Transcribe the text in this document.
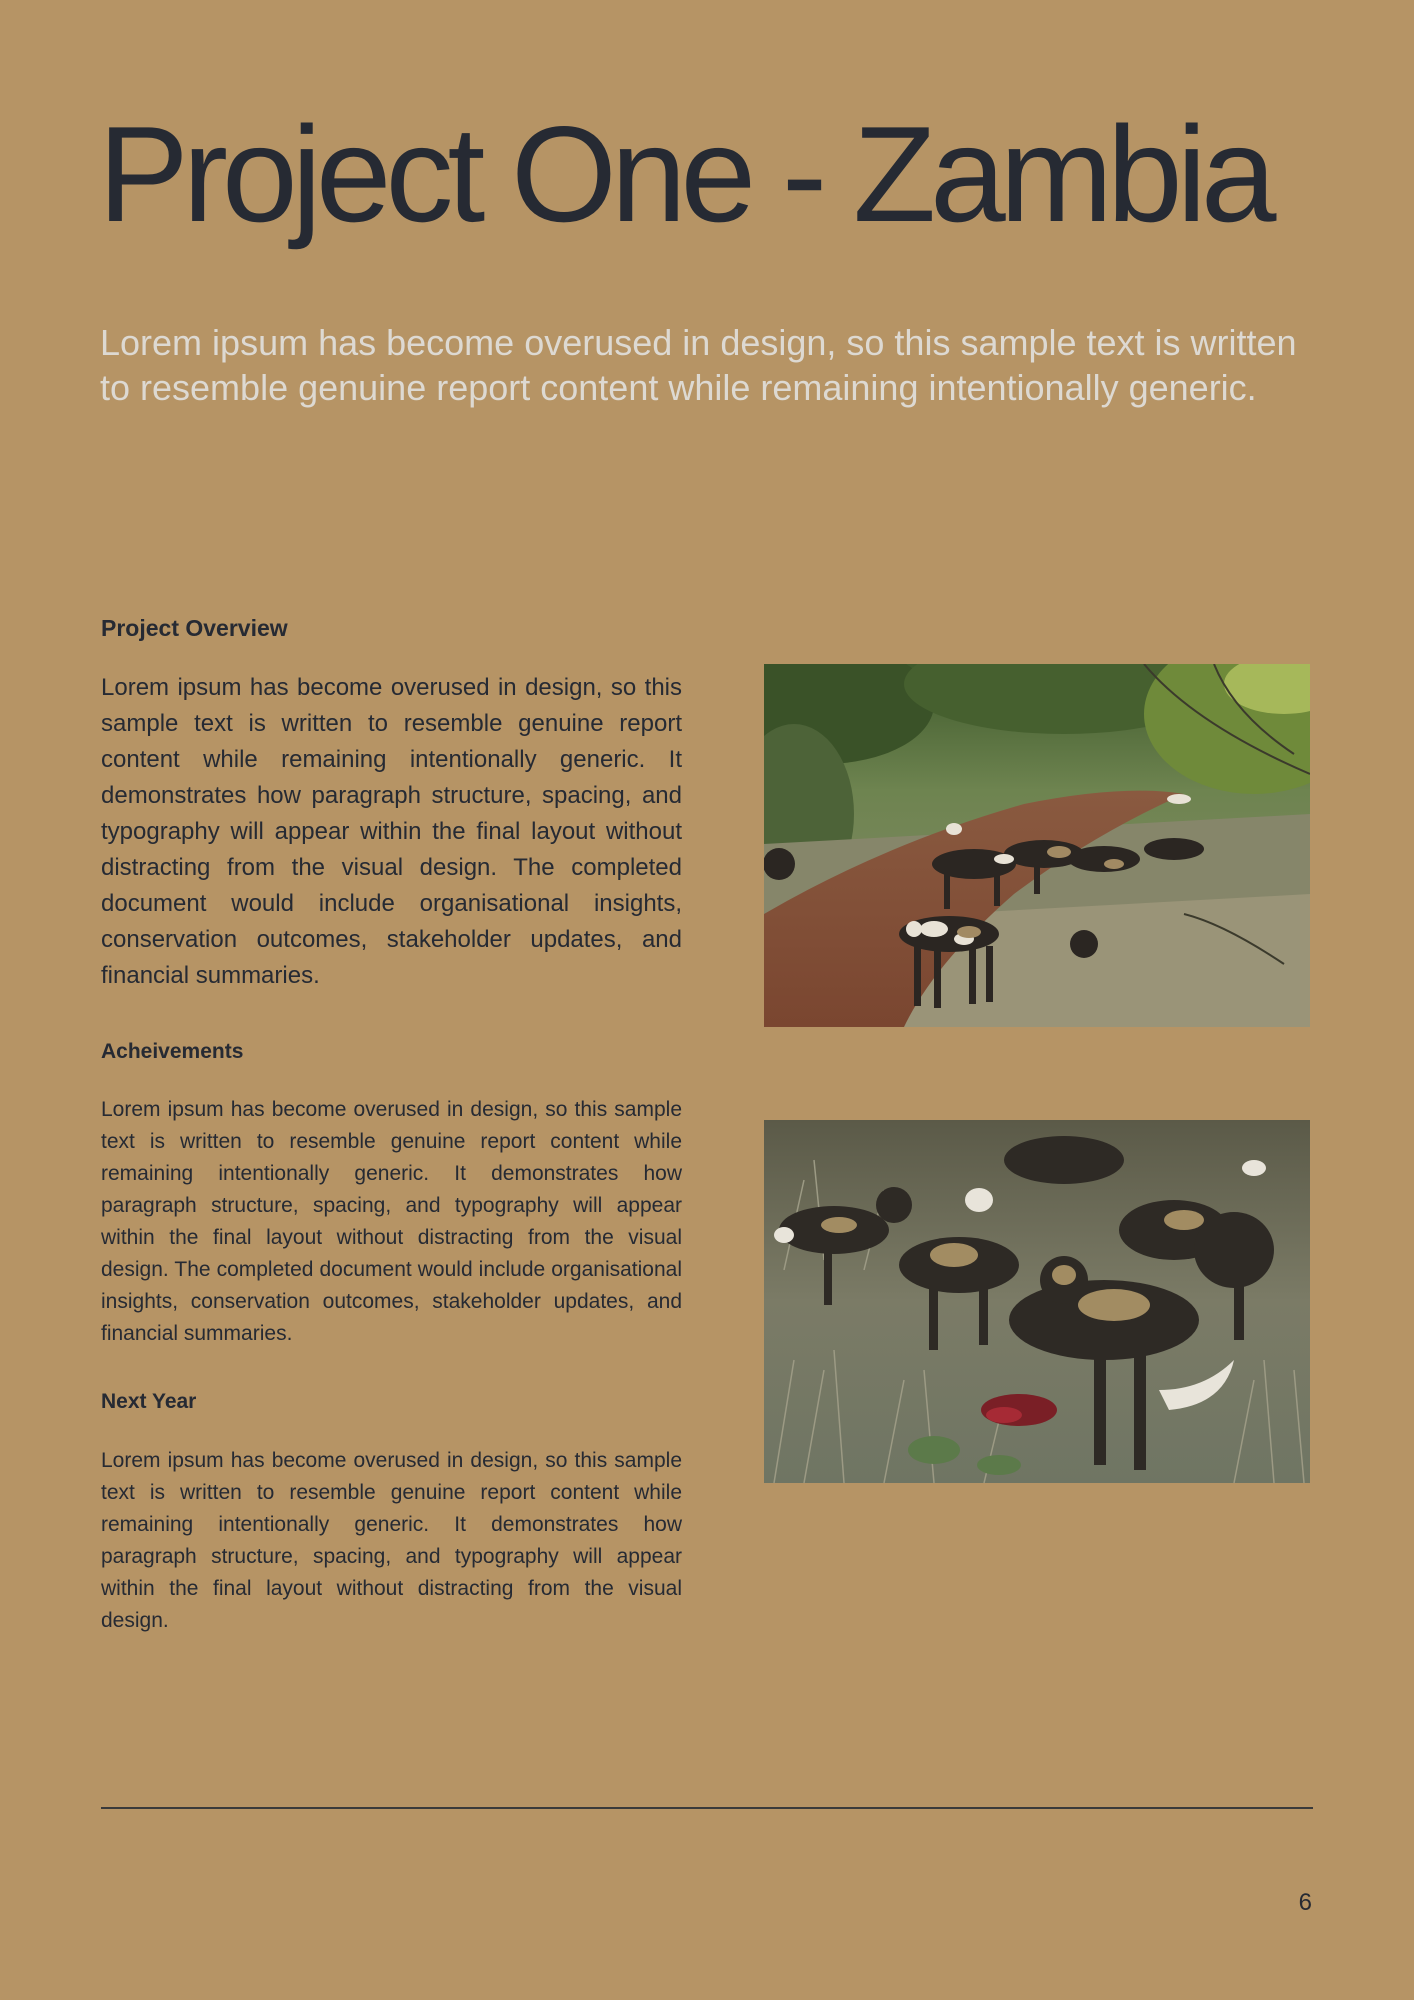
Project One - Zambia

Lorem ipsum has become overused in design, so this sample text is written to resemble genuine report content while remaining intentionally generic.

Project Overview

Lorem ipsum has become overused in design, so this sample text is written to resemble genuine report content while remaining intentionally generic. It demonstrates how paragraph structure, spacing, and typography will appear within the final layout without distracting from the visual design. The completed document would include organisational insights, conservation outcomes, stakeholder updates, and financial summaries.

Acheivements

Lorem ipsum has become overused in design, so this sample text is written to resemble genuine report content while remaining intentionally generic. It demonstrates how paragraph structure, spacing, and typography will appear within the final layout without distracting from the visual design. The completed document would include organisational insights, conservation outcomes, stakeholder updates, and financial summaries.

Next Year

Lorem ipsum has become overused in design, so this sample text is written to resemble genuine report content while remaining intentionally generic. It demonstrates how paragraph structure, spacing, and typography will appear within the final layout without distracting from the visual design.

6
